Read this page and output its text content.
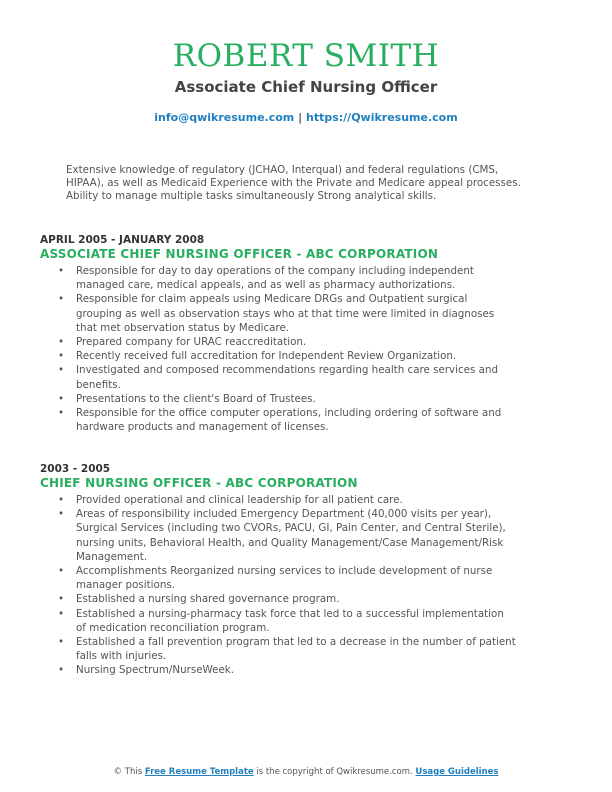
ROBERT SMITH
Associate Chief Nursing Officer
info@qwikresume.com | https://Qwikresume.com
Extensive knowledge of regulatory (JCHAO, Interqual) and federal regulations (CMS, HIPAA), as well as Medicaid Experience with the Private and Medicare appeal processes. Ability to manage multiple tasks simultaneously Strong analytical skills.
APRIL 2005 - JANUARY 2008
ASSOCIATE CHIEF NURSING OFFICER - ABC CORPORATION
• Responsible for day to day operations of the company including independent managed care, medical appeals, and as well as pharmacy authorizations.
• Responsible for claim appeals using Medicare DRGs and Outpatient surgical grouping as well as observation stays who at that time were limited in diagnoses that met observation status by Medicare.
• Prepared company for URAC reaccreditation.
• Recently received full accreditation for Independent Review Organization.
• Investigated and composed recommendations regarding health care services and benefits.
• Presentations to the client's Board of Trustees.
• Responsible for the office computer operations, including ordering of software and hardware products and management of licenses.
2003 - 2005
CHIEF NURSING OFFICER - ABC CORPORATION
• Provided operational and clinical leadership for all patient care.
• Areas of responsibility included Emergency Department (40,000 visits per year), Surgical Services (including two CVORs, PACU, GI, Pain Center, and Central Sterile), nursing units, Behavioral Health, and Quality Management/Case Management/Risk Management.
• Accomplishments Reorganized nursing services to include development of nurse manager positions.
• Established a nursing shared governance program.
• Established a nursing-pharmacy task force that led to a successful implementation of medication reconciliation program.
• Established a fall prevention program that led to a decrease in the number of patient falls with injuries.
• Nursing Spectrum/NurseWeek.
© This Free Resume Template is the copyright of Qwikresume.com. Usage Guidelines
